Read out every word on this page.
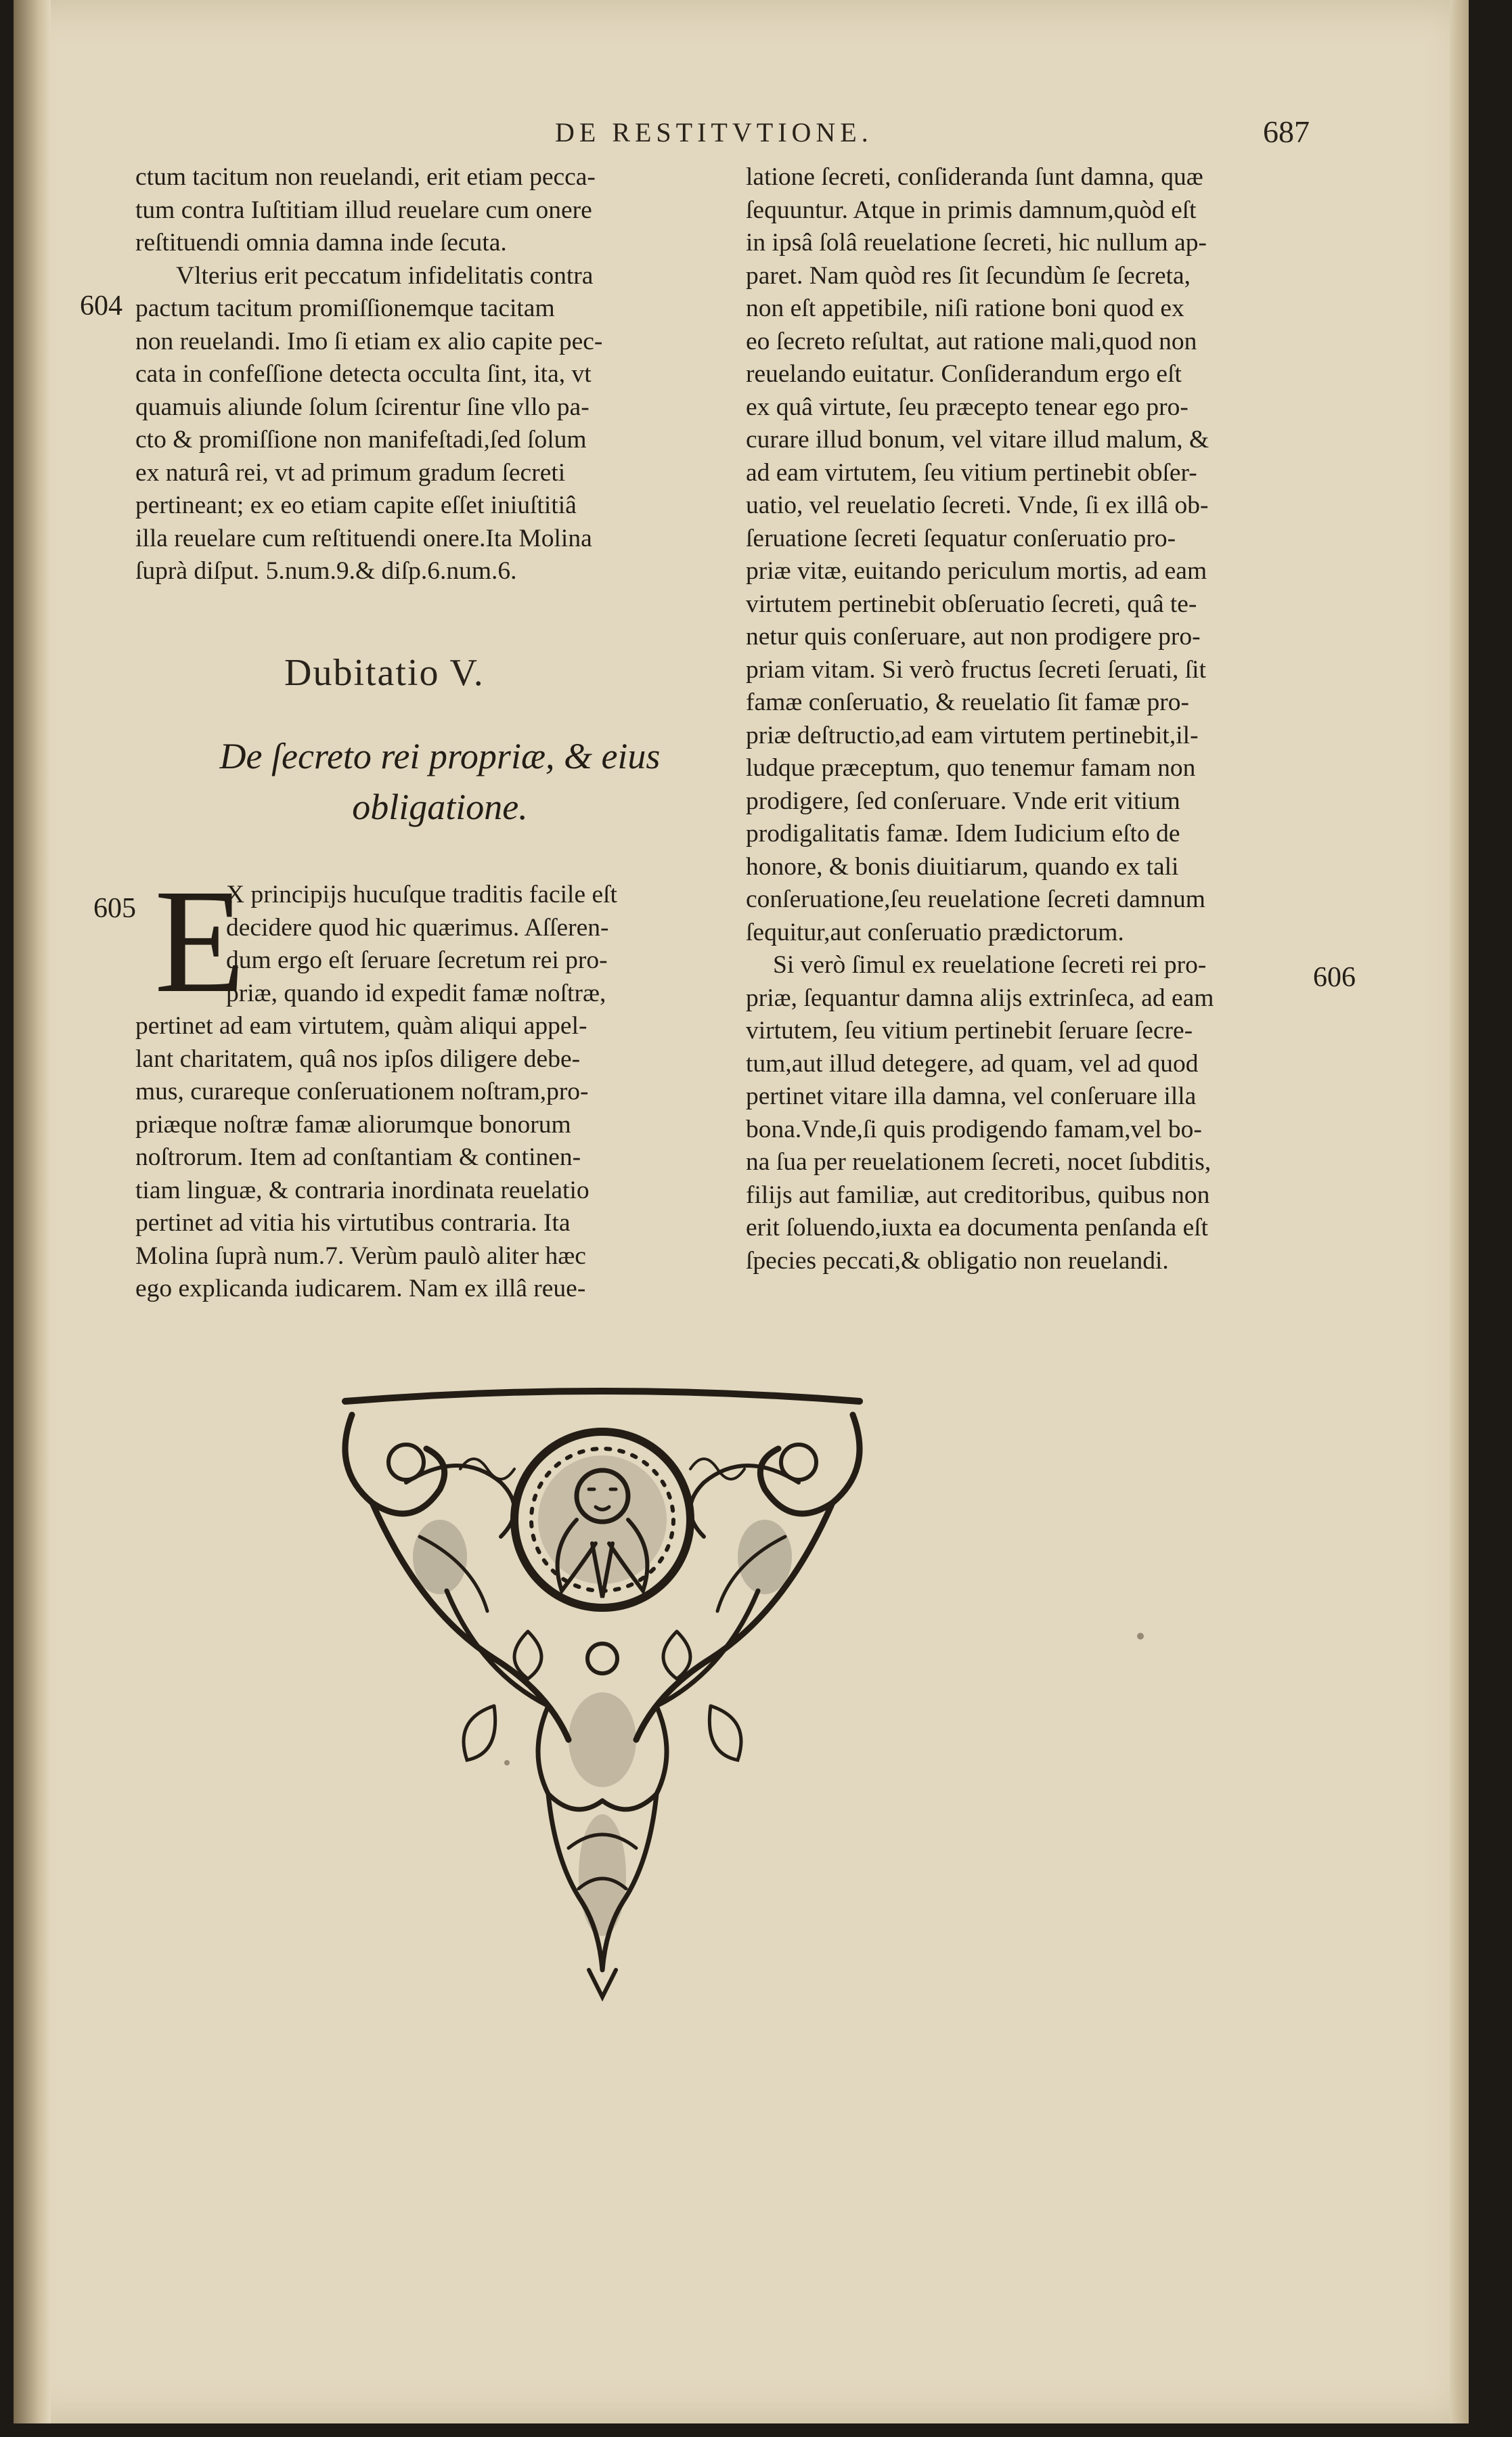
DE RESTITVTIONE.	687
604
605
606
ctum tacitum non reuelandi, erit etiam pecca-
tum contra Iuſtitiam illud reuelare cum onere
reſtituendi omnia damna inde ſecuta.
Vlterius erit peccatum infidelitatis contra
pactum tacitum promiſſionemque tacitam
non reuelandi. Imo ſi etiam ex alio capite pec-
cata in confeſſione detecta occulta ſint, ita, vt
quamuis aliunde ſolum ſcirentur ſine vllo pa-
cto & promiſſione non manifeſtadi,ſed ſolum
ex naturâ rei, vt ad primum gradum ſecreti
pertineant; ex eo etiam capite eſſet iniuſtitiâ
illa reuelare cum reſtituendi onere.Ita Molina
ſuprà diſput. 5.num.9.& diſp.6.num.6.
Dubitatio V.
De ſecreto rei propriæ, & eius
obligatione.
E
X principijs hucuſque traditis facile eſt
decidere quod hic quærimus. Aſſeren-
dum ergo eſt ſeruare ſecretum rei pro-
priæ, quando id expedit famæ noſtræ,
pertinet ad eam virtutem, quàm aliqui appel-
lant charitatem, quâ nos ipſos diligere debe-
mus, curareque conſeruationem noſtram,pro-
priæque noſtræ famæ aliorumque bonorum
noſtrorum. Item ad conſtantiam & continen-
tiam linguæ, & contraria inordinata reuelatio
pertinet ad vitia his virtutibus contraria. Ita
Molina ſuprà num.7. Verùm paulò aliter hæc
ego explicanda iudicarem. Nam ex illâ reue-
latione ſecreti, conſideranda ſunt damna, quæ
ſequuntur. Atque in primis damnum,quòd eſt
in ipsâ ſolâ reuelatione ſecreti, hic nullum ap-
paret. Nam quòd res ſit ſecundùm ſe ſecreta,
non eſt appetibile, niſi ratione boni quod ex
eo ſecreto reſultat, aut ratione mali,quod non
reuelando euitatur. Conſiderandum ergo eſt
ex quâ virtute, ſeu præcepto tenear ego pro-
curare illud bonum, vel vitare illud malum, &
ad eam virtutem, ſeu vitium pertinebit obſer-
uatio, vel reuelatio ſecreti. Vnde, ſi ex illâ ob-
ſeruatione ſecreti ſequatur conſeruatio pro-
priæ vitæ, euitando periculum mortis, ad eam
virtutem pertinebit obſeruatio ſecreti, quâ te-
netur quis conſeruare, aut non prodigere pro-
priam vitam. Si verò fructus ſecreti ſeruati, ſit
famæ conſeruatio, & reuelatio ſit famæ pro-
priæ deſtructio,ad eam virtutem pertinebit,il-
ludque præceptum, quo tenemur famam non
prodigere, ſed conſeruare. Vnde erit vitium
prodigalitatis famæ. Idem Iudicium eſto de
honore, & bonis diuitiarum, quando ex tali
conſeruatione,ſeu reuelatione ſecreti damnum
ſequitur,aut conſeruatio prædictorum.
Si verò ſimul ex reuelatione ſecreti rei pro-
priæ, ſequantur damna alijs extrinſeca, ad eam
virtutem, ſeu vitium pertinebit ſeruare ſecre-
tum,aut illud detegere, ad quam, vel ad quod
pertinet vitare illa damna, vel conſeruare illa
bona.Vnde,ſi quis prodigendo famam,vel bo-
na ſua per reuelationem ſecreti, nocet ſubditis,
filijs aut familiæ, aut creditoribus, quibus non
erit ſoluendo,iuxta ea documenta penſanda eſt
ſpecies peccati,& obligatio non reuelandi.
